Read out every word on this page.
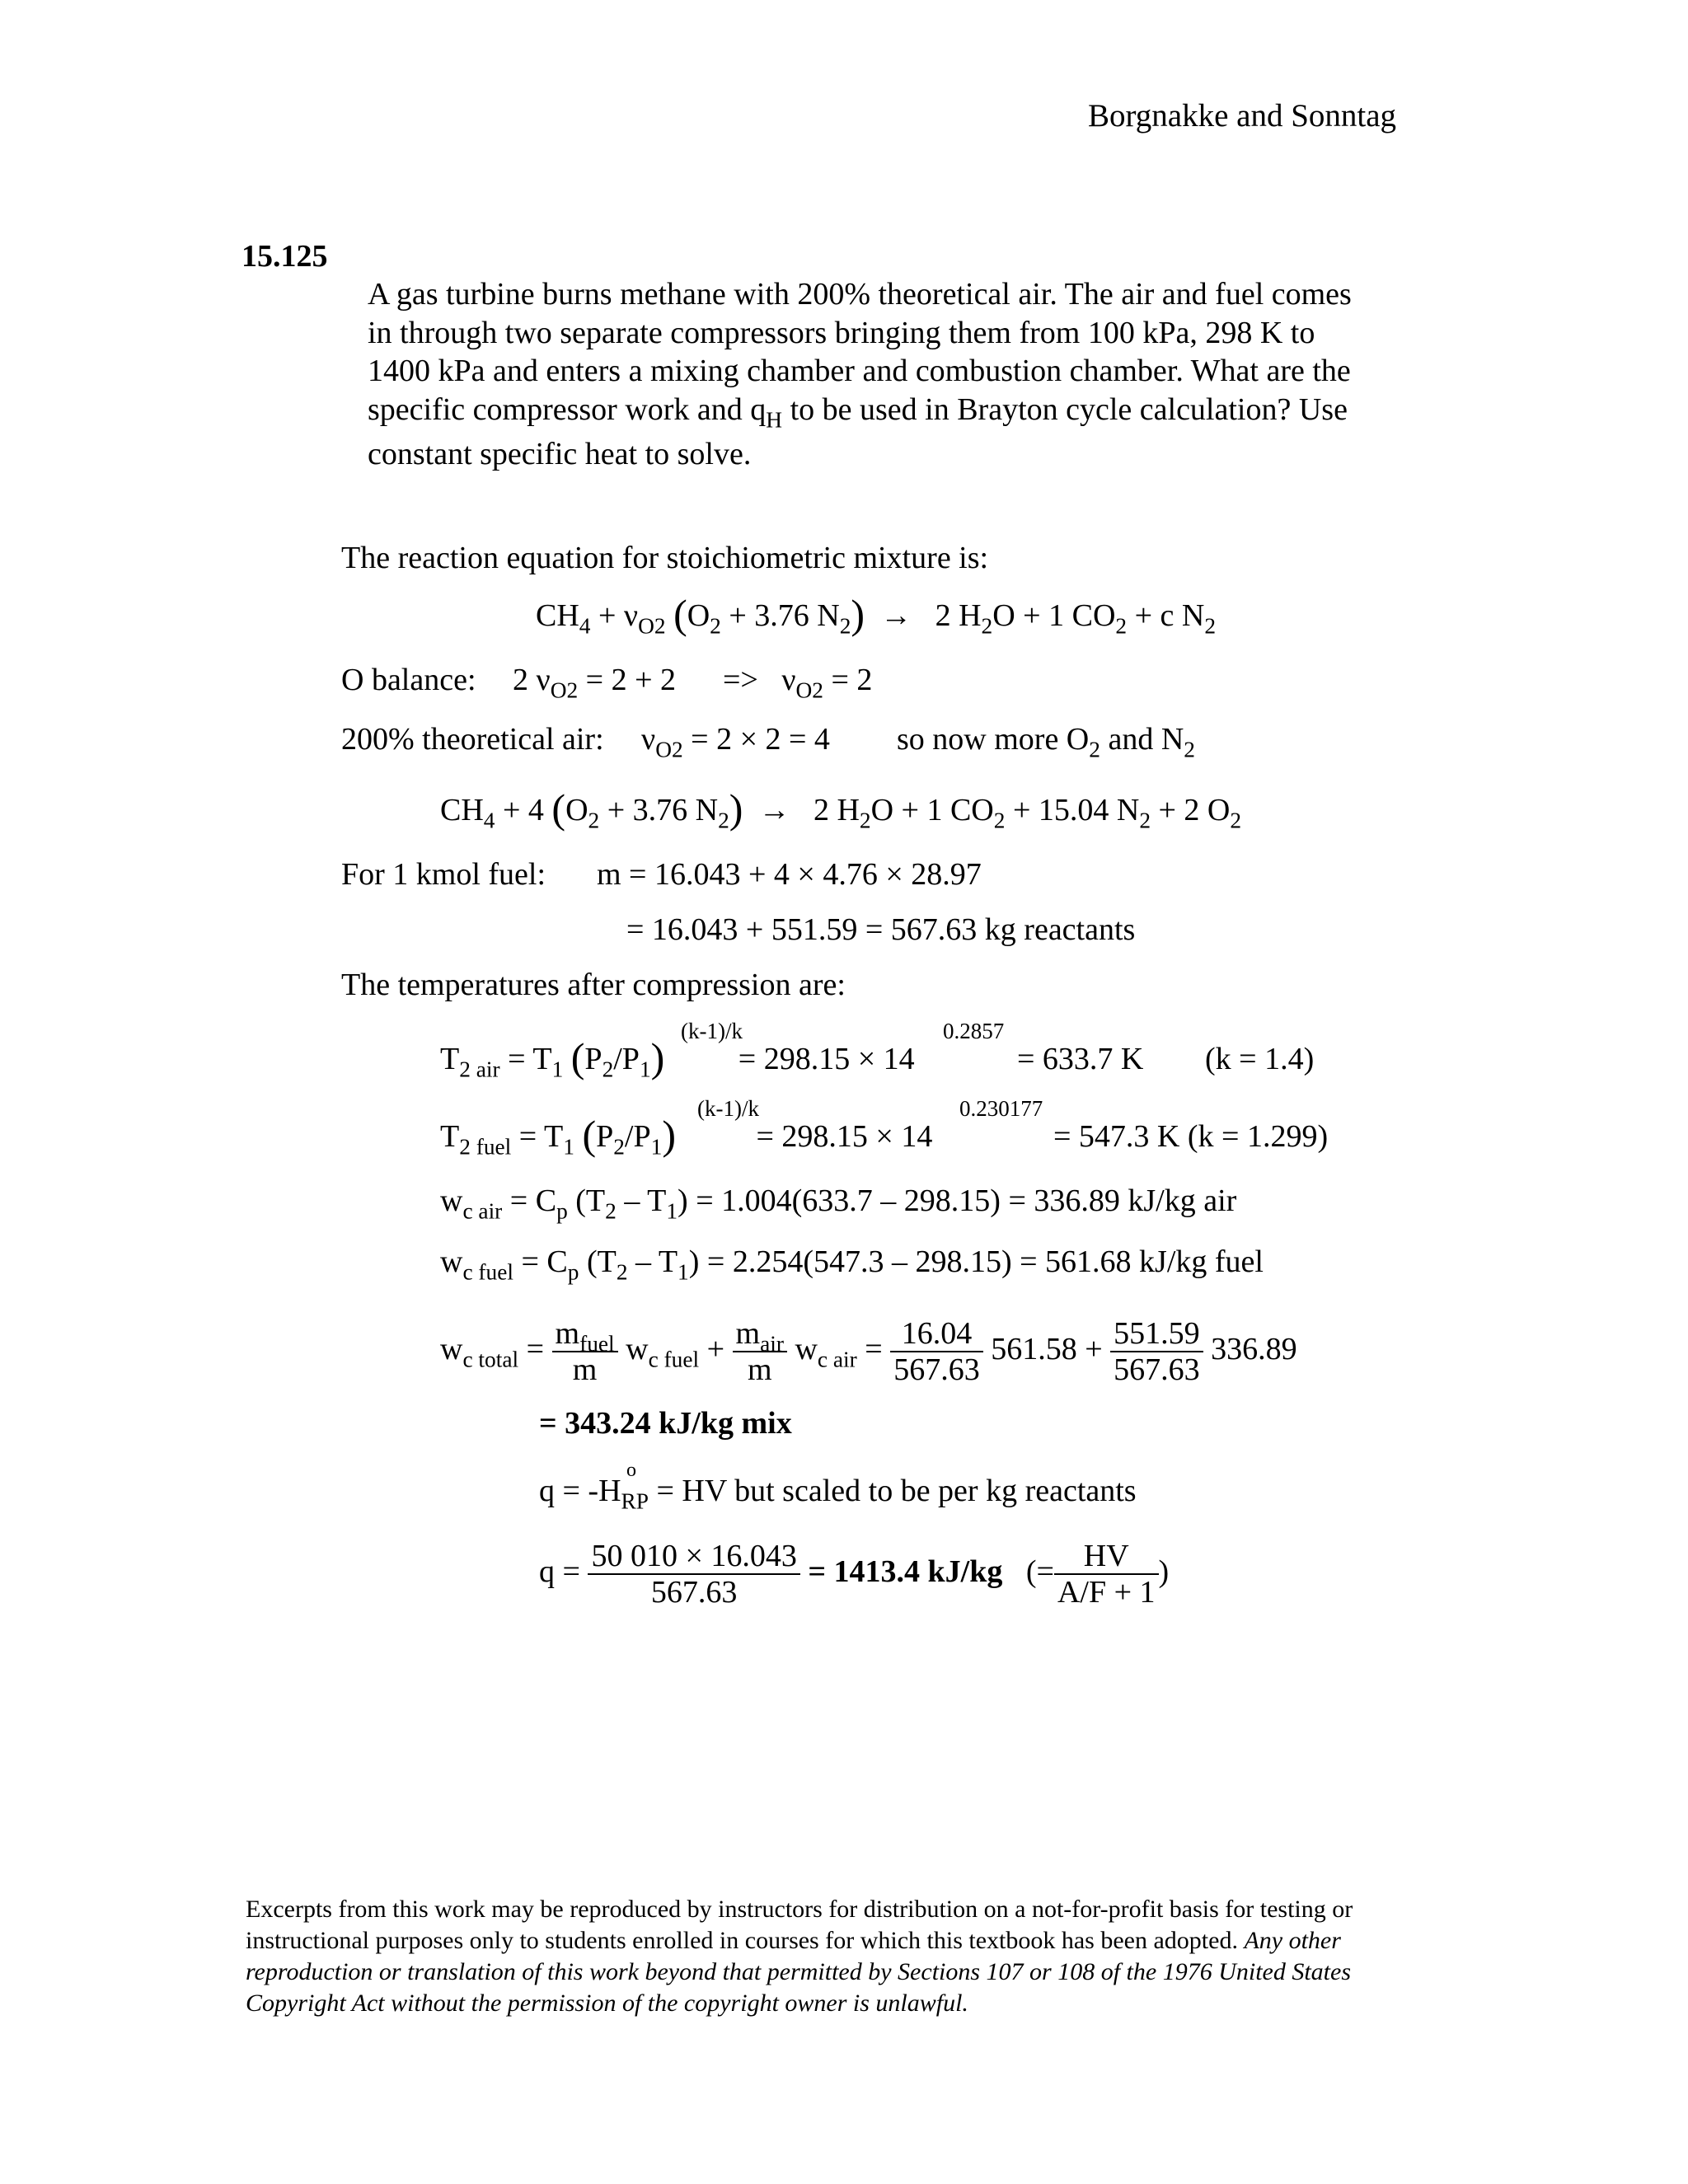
Borgnakke and Sonntag
15.125
A gas turbine burns methane with 200% theoretical air. The air and fuel comes
in through two separate compressors bringing them from 100 kPa, 298 K to
1400 kPa and enters a mixing chamber and combustion chamber. What are the
specific compressor work and $q_H$ to be used in Brayton cycle calculation? Use
constant specific heat to solve.
The reaction equation for stoichiometric mixture is:
$CH_4 + \nu_{O2}$ ($O_2 + 3.76$ $N_2) \to 2$ $H_2O + 1$ $CO_2 + c$ $N_2$
O balance: 2 $\nu_{O2} = 2 + 2$      =>   $\nu_{O2} = 2$
200% theoretical air: $\nu_{O2} = 2 \times 2 = 4$ so now more $O_2$ and $N_2$
$CH_4 + 4$ ($O_2 + 3.76$ $N_2) \to 2$ $H_2O + 1$ $CO_2 + 15.04$ $N_2 + 2$ $O_2$
For 1 kmol fuel: m = 16.043 + 4 × 4.76 × 28.97
= 16.043 + 551.59 = 567.63 kg reactants
The temperatures after compression are:
$T_{2 air} = T_1$ $(P_2/P_1) = 298.15 \times 14$
(k-1)/k	0.2857
= 633.7 K (k = 1.4)
$T_{2 fuel} = T_1$ $(P_2/P_1) = 298.15 \times 14$
(k-1)/k	0.230177
= 547.3 K (k = 1.299)
$w_{c air} = C_p$ $(T_2 - T_1) = 1.004(633.7 - 298.15) = 336.89$ kJ/kg air
$w_{c fuel} = C_p$ $(T_2 - T_1) = 2.254(547.3 - 298.15) = 561.68$ kJ/kg fuel
$w_{c total} = \frac{m_{fuel}}{m} w_{c fuel} + \frac{m_{air}}{m} w_{c air} = \frac{16.04}{567.63} 561.58 + \frac{551.59}{567.63} 336.89$
= 343.24 kJ/kg mix
o
$q = -H_{RP}$ = HV but scaled to be per kg reactants
$q = \frac{50 010 \times 16.043}{567.63} = 1413.4$ kJ/kg   (= $\frac{HV}{A/F + 1}$ )
Excerpts from this work may be reproduced by instructors for distribution on a not-for-profit basis for testing or instructional purposes only to students enrolled in courses for which this textbook has been adopted. Any other reproduction or translation of this work beyond that permitted by Sections 107 or 108 of the 1976 United States Copyright Act without the permission of the copyright owner is unlawful.
